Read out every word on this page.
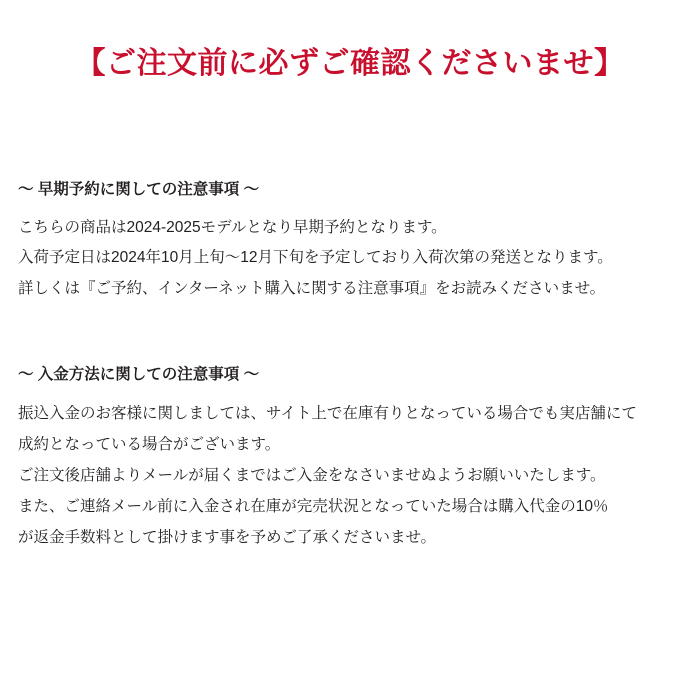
【ご注文前に必ずご確認くださいませ】

〜 早期予約に関しての注意事項 〜

こちらの商品は2024-2025モデルとなり早期予約となります。

入荷予定日は2024年10月上旬〜12月下旬を予定しており入荷次第の発送となります。

詳しくは『ご予約、インターネット購入に関する注意事項』をお読みくださいませ。

〜 入金方法に関しての注意事項 〜

振込入金のお客様に関しましては、サイト上で在庫有りとなっている場合でも実店舗にて

成約となっている場合がございます。

ご注文後店舗よりメールが届くまではご入金をなさいませぬようお願いいたします。

また、ご連絡メール前に入金され在庫が完売状況となっていた場合は購入代金の10％

が返金手数料として掛けます事を予めご了承くださいませ。
